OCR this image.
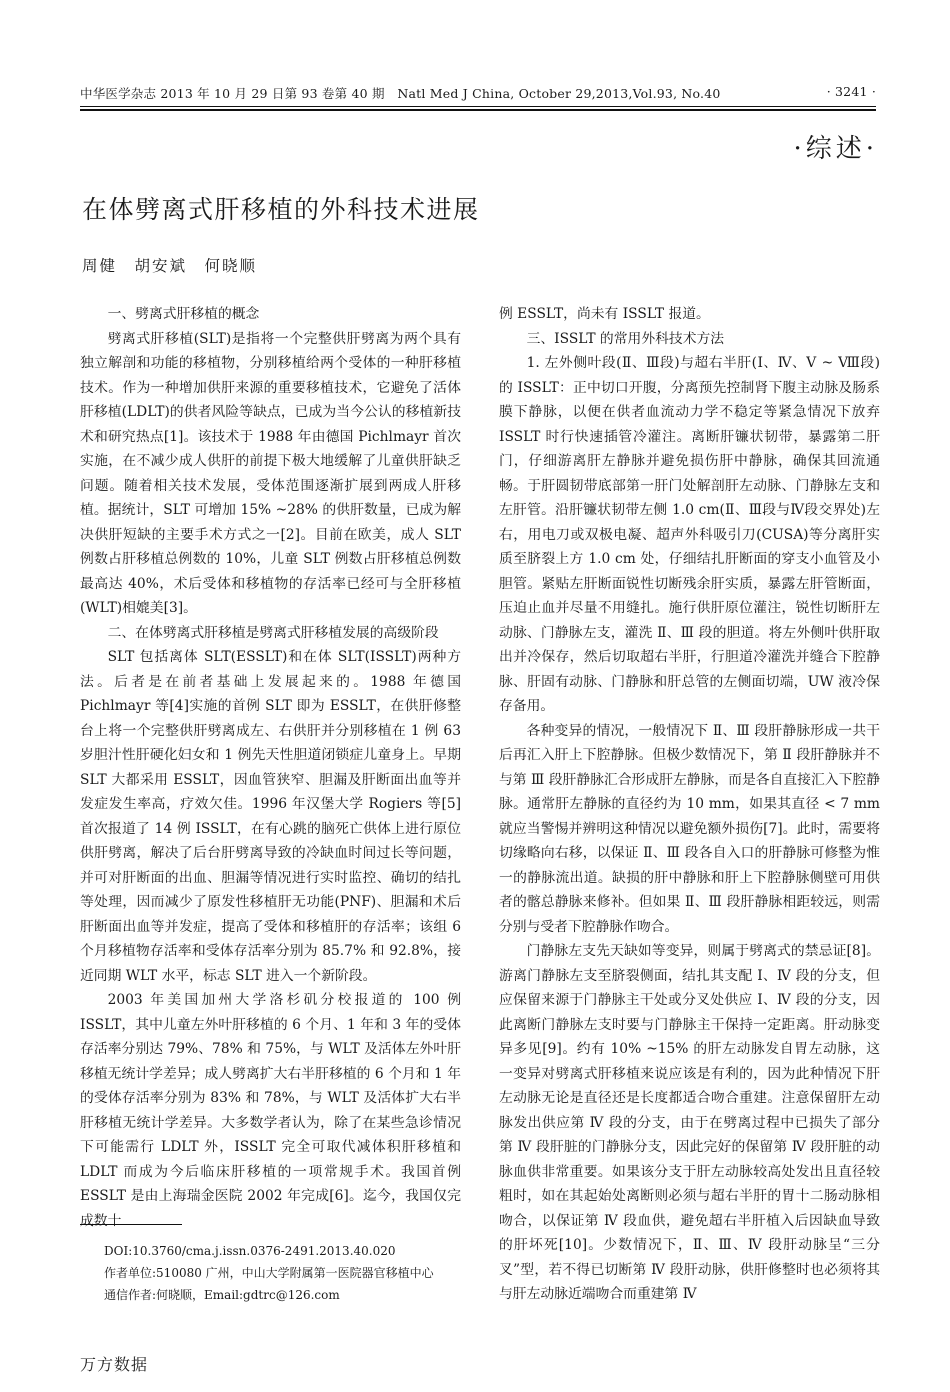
中华医学杂志 2013 年 10 月 29 日第 93 卷第 40 期　Natl Med J China, October 29,2013,Vol.93, No.40	· 3241 ·
·综述·
在体劈离式肝移植的外科技术进展
周健　胡安斌　何晓顺

一、劈离式肝移植的概念

劈离式肝移植(SLT)是指将一个完整供肝劈离为两个具有独立解剖和功能的移植物，分别移植给两个受体的一种肝移植技术。作为一种增加供肝来源的重要移植技术，它避免了活体肝移植(LDLT)的供者风险等缺点，已成为当今公认的移植新技术和研究热点[1]。该技术于 1988 年由德国 Pichlmayr 首次实施，在不减少成人供肝的前提下极大地缓解了儿童供肝缺乏问题。随着相关技术发展，受体范围逐渐扩展到两成人肝移植。据统计，SLT 可增加 15% ~28% 的供肝数量，已成为解决供肝短缺的主要手术方式之一[2]。目前在欧美，成人 SLT 例数占肝移植总例数的 10%，儿童 SLT 例数占肝移植总例数最高达 40%，术后受体和移植物的存活率已经可与全肝移植(WLT)相媲美[3]。

二、在体劈离式肝移植是劈离式肝移植发展的高级阶段

SLT 包括离体 SLT(ESSLT)和在体 SLT(ISSLT)两种方法。后者是在前者基础上发展起来的。1988 年德国 Pichlmayr 等[4]实施的首例 SLT 即为 ESSLT，在供肝修整台上将一个完整供肝劈离成左、右供肝并分别移植在 1 例 63 岁胆汁性肝硬化妇女和 1 例先天性胆道闭锁症儿童身上。早期 SLT 大都采用 ESSLT，因血管狭窄、胆漏及肝断面出血等并发症发生率高，疗效欠佳。1996 年汉堡大学 Rogiers 等[5]首次报道了 14 例 ISSLT，在有心跳的脑死亡供体上进行原位供肝劈离，解决了后台肝劈离导致的冷缺血时间过长等问题，并可对肝断面的出血、胆漏等情况进行实时监控、确切的结扎等处理，因而减少了原发性移植肝无功能(PNF)、胆漏和术后肝断面出血等并发症，提高了受体和移植肝的存活率；该组 6 个月移植物存活率和受体存活率分别为 85.7% 和 92.8%，接近同期 WLT 水平，标志 SLT 进入一个新阶段。

2003 年美国加州大学洛杉矶分校报道的 100 例 ISSLT，其中儿童左外叶肝移植的 6 个月、1 年和 3 年的受体存活率分别达 79%、78% 和 75%，与 WLT 及活体左外叶肝移植无统计学差异；成人劈离扩大右半肝移植的 6 个月和 1 年的受体存活率分别为 83% 和 78%，与 WLT 及活体扩大右半肝移植无统计学差异。大多数学者认为，除了在某些急诊情况下可能需行 LDLT 外，ISSLT 完全可取代减体积肝移植和 LDLT 而成为今后临床肝移植的一项常规手术。我国首例 ESSLT 是由上海瑞金医院 2002 年完成[6]。迄今，我国仅完成数十

例 ESSLT，尚未有 ISSLT 报道。

三、ISSLT 的常用外科技术方法

1. 左外侧叶段(Ⅱ、Ⅲ段)与超右半肝(Ⅰ、Ⅳ、Ⅴ ~ Ⅷ段)的 ISSLT：正中切口开腹，分离预先控制肾下腹主动脉及肠系膜下静脉，以便在供者血流动力学不稳定等紧急情况下放弃 ISSLT 时行快速插管冷灌注。离断肝镰状韧带，暴露第二肝门，仔细游离肝左静脉并避免损伤肝中静脉，确保其回流通畅。于肝圆韧带底部第一肝门处解剖肝左动脉、门静脉左支和左肝管。沿肝镰状韧带左侧 1.0 cm(Ⅱ、Ⅲ段与Ⅳ段交界处)左右，用电刀或双极电凝、超声外科吸引刀(CUSA)等分离肝实质至脐裂上方 1.0 cm 处，仔细结扎肝断面的穿支小血管及小胆管。紧贴左肝断面锐性切断残余肝实质，暴露左肝管断面，压迫止血并尽量不用缝扎。施行供肝原位灌注，锐性切断肝左动脉、门静脉左支，灌洗 Ⅱ、Ⅲ 段的胆道。将左外侧叶供肝取出并冷保存，然后切取超右半肝，行胆道冷灌洗并缝合下腔静脉、肝固有动脉、门静脉和肝总管的左侧面切端，UW 液冷保存备用。

各种变异的情况，一般情况下 Ⅱ、Ⅲ 段肝静脉形成一共干后再汇入肝上下腔静脉。但极少数情况下，第 Ⅱ 段肝静脉并不与第 Ⅲ 段肝静脉汇合形成肝左静脉，而是各自直接汇入下腔静脉。通常肝左静脉的直径约为 10 mm，如果其直径 < 7 mm 就应当警惕并辨明这种情况以避免额外损伤[7]。此时，需要将切缘略向右移，以保证 Ⅱ、Ⅲ 段各自入口的肝静脉可修整为惟一的静脉流出道。缺损的肝中静脉和肝上下腔静脉侧壁可用供者的髂总静脉来修补。但如果 Ⅱ、Ⅲ 段肝静脉相距较远，则需分别与受者下腔静脉作吻合。

门静脉左支先天缺如等变异，则属于劈离式的禁忌证[8]。游离门静脉左支至脐裂侧面，结扎其支配 Ⅰ、Ⅳ 段的分支，但应保留来源于门静脉主干处或分叉处供应 Ⅰ、Ⅳ 段的分支，因此离断门静脉左支时要与门静脉主干保持一定距离。肝动脉变异多见[9]。约有 10% ~15% 的肝左动脉发自胃左动脉，这一变异对劈离式肝移植来说应该是有利的，因为此种情况下肝左动脉无论是直径还是长度都适合吻合重建。注意保留肝左动脉发出供应第 Ⅳ 段的分支，由于在劈离过程中已损失了部分第 Ⅳ 段肝脏的门静脉分支，因此完好的保留第 Ⅳ 段肝脏的动脉血供非常重要。如果该分支于肝左动脉较高处发出且直径较粗时，如在其起始处离断则必须与超右半肝的胃十二肠动脉相吻合，以保证第 Ⅳ 段血供，避免超右半肝植入后因缺血导致的肝坏死[10]。少数情况下，Ⅱ、Ⅲ、Ⅳ 段肝动脉呈“三分叉”型，若不得已切断第 Ⅳ 段肝动脉，供肝修整时也必须将其与肝左动脉近端吻合而重建第 Ⅳ

DOI:10.3760/cma.j.issn.0376-2491.2013.40.020
作者单位:510080 广州，中山大学附属第一医院器官移植中心
通信作者:何晓顺，Email:gdtrc@126.com
万方数据
